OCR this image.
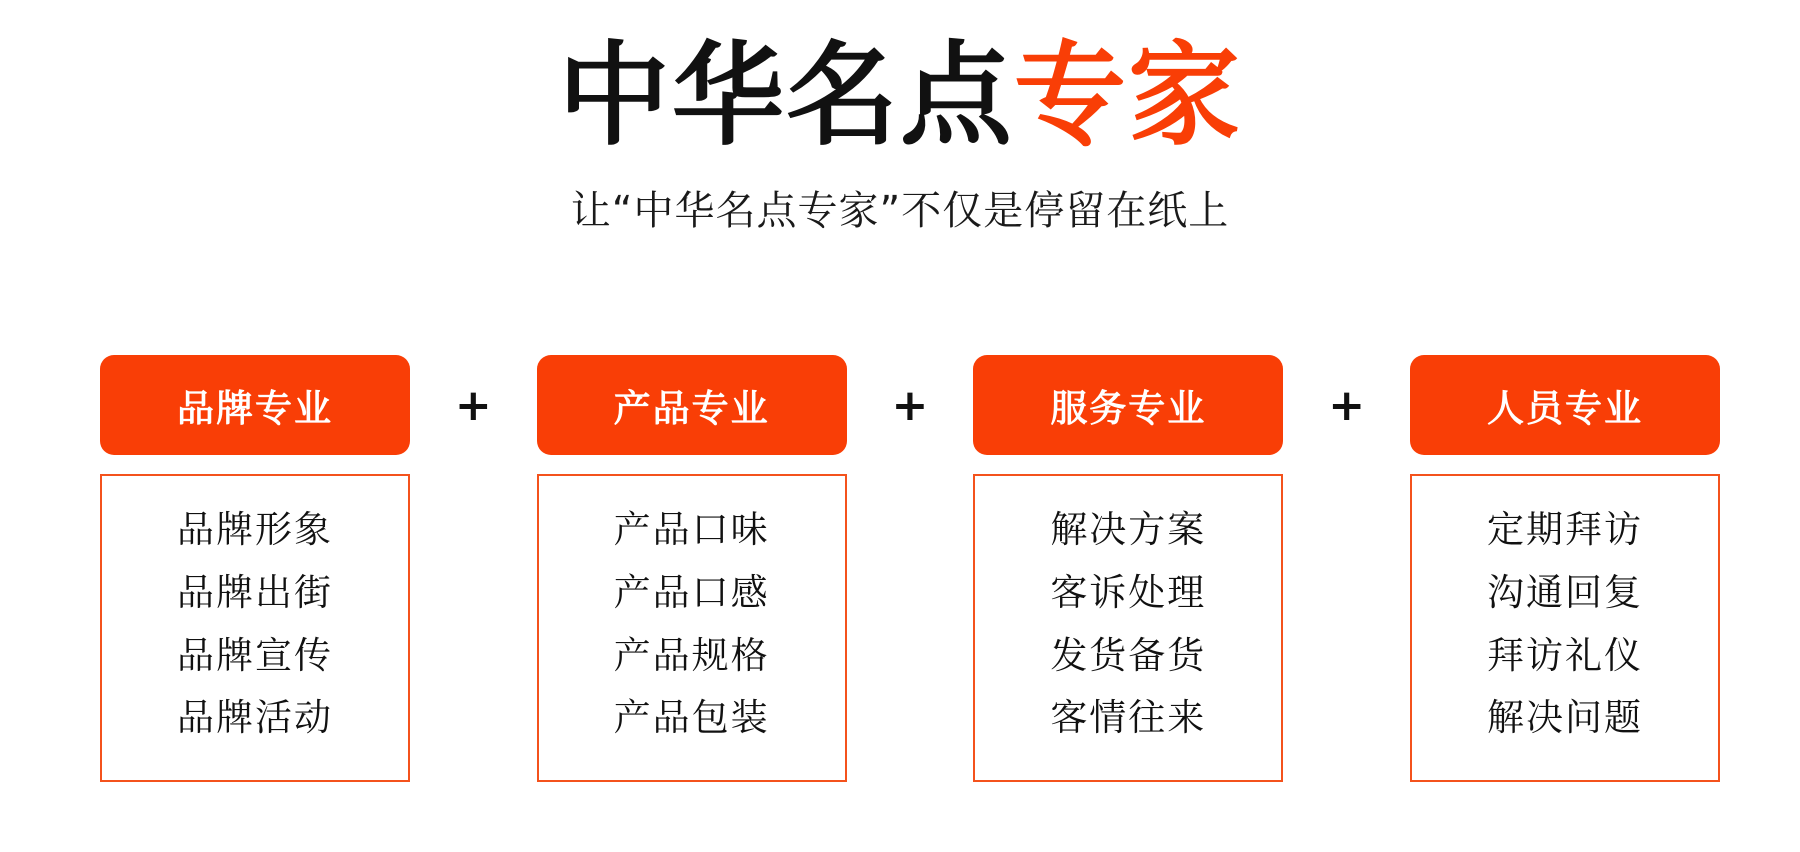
中华名点专家
让“中华名点专家”不仅是停留在纸上
品牌专业
品牌形象
品牌出街
品牌宣传
品牌活动
+	产品专业
产品口味
产品口感
产品规格
产品包装
+	服务专业
解决方案
客诉处理
发货备货
客情往来
+	人员专业
定期拜访
沟通回复
拜访礼仪
解决问题
